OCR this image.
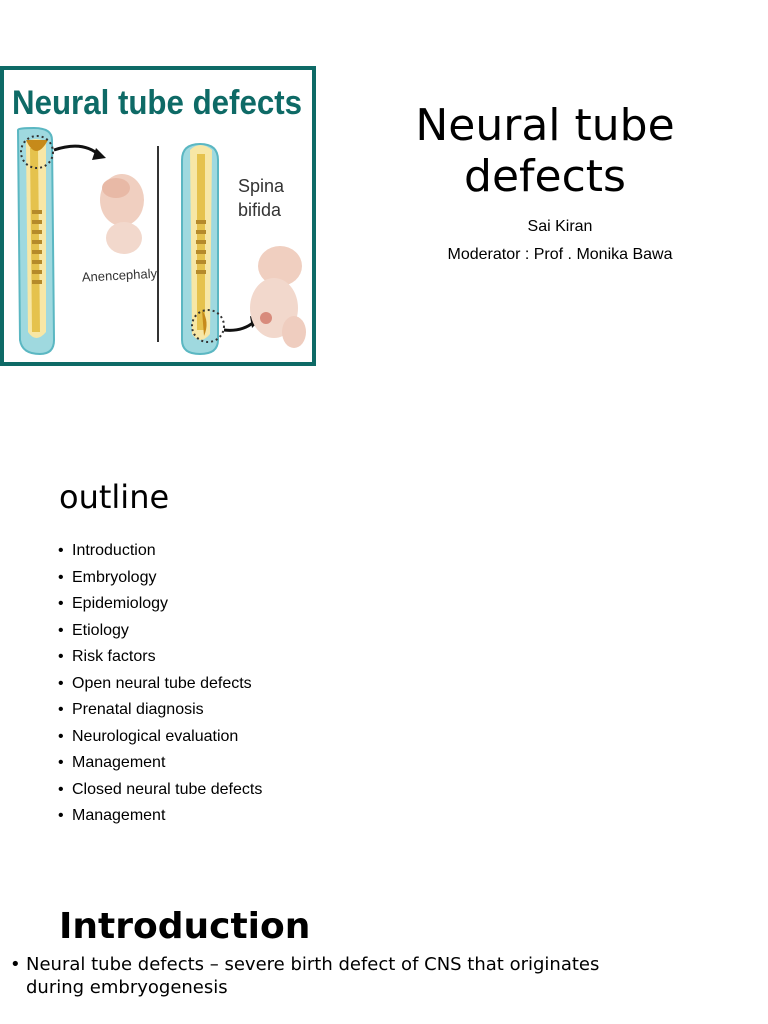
Neural tube defects
Anencephaly
Spina
bifida
Neural tube defects

Sai Kiran

Moderator : Prof . Monika Bawa

outline
• Introduction
• Embryology
• Epidemiology
• Etiology
• Risk factors
• Open neural tube defects
• Prenatal diagnosis
• Neurological evaluation
• Management
• Closed neural tube defects
• Management
Introduction
• Neural tube defects – severe birth defect of CNS that originates during embryogenesis
